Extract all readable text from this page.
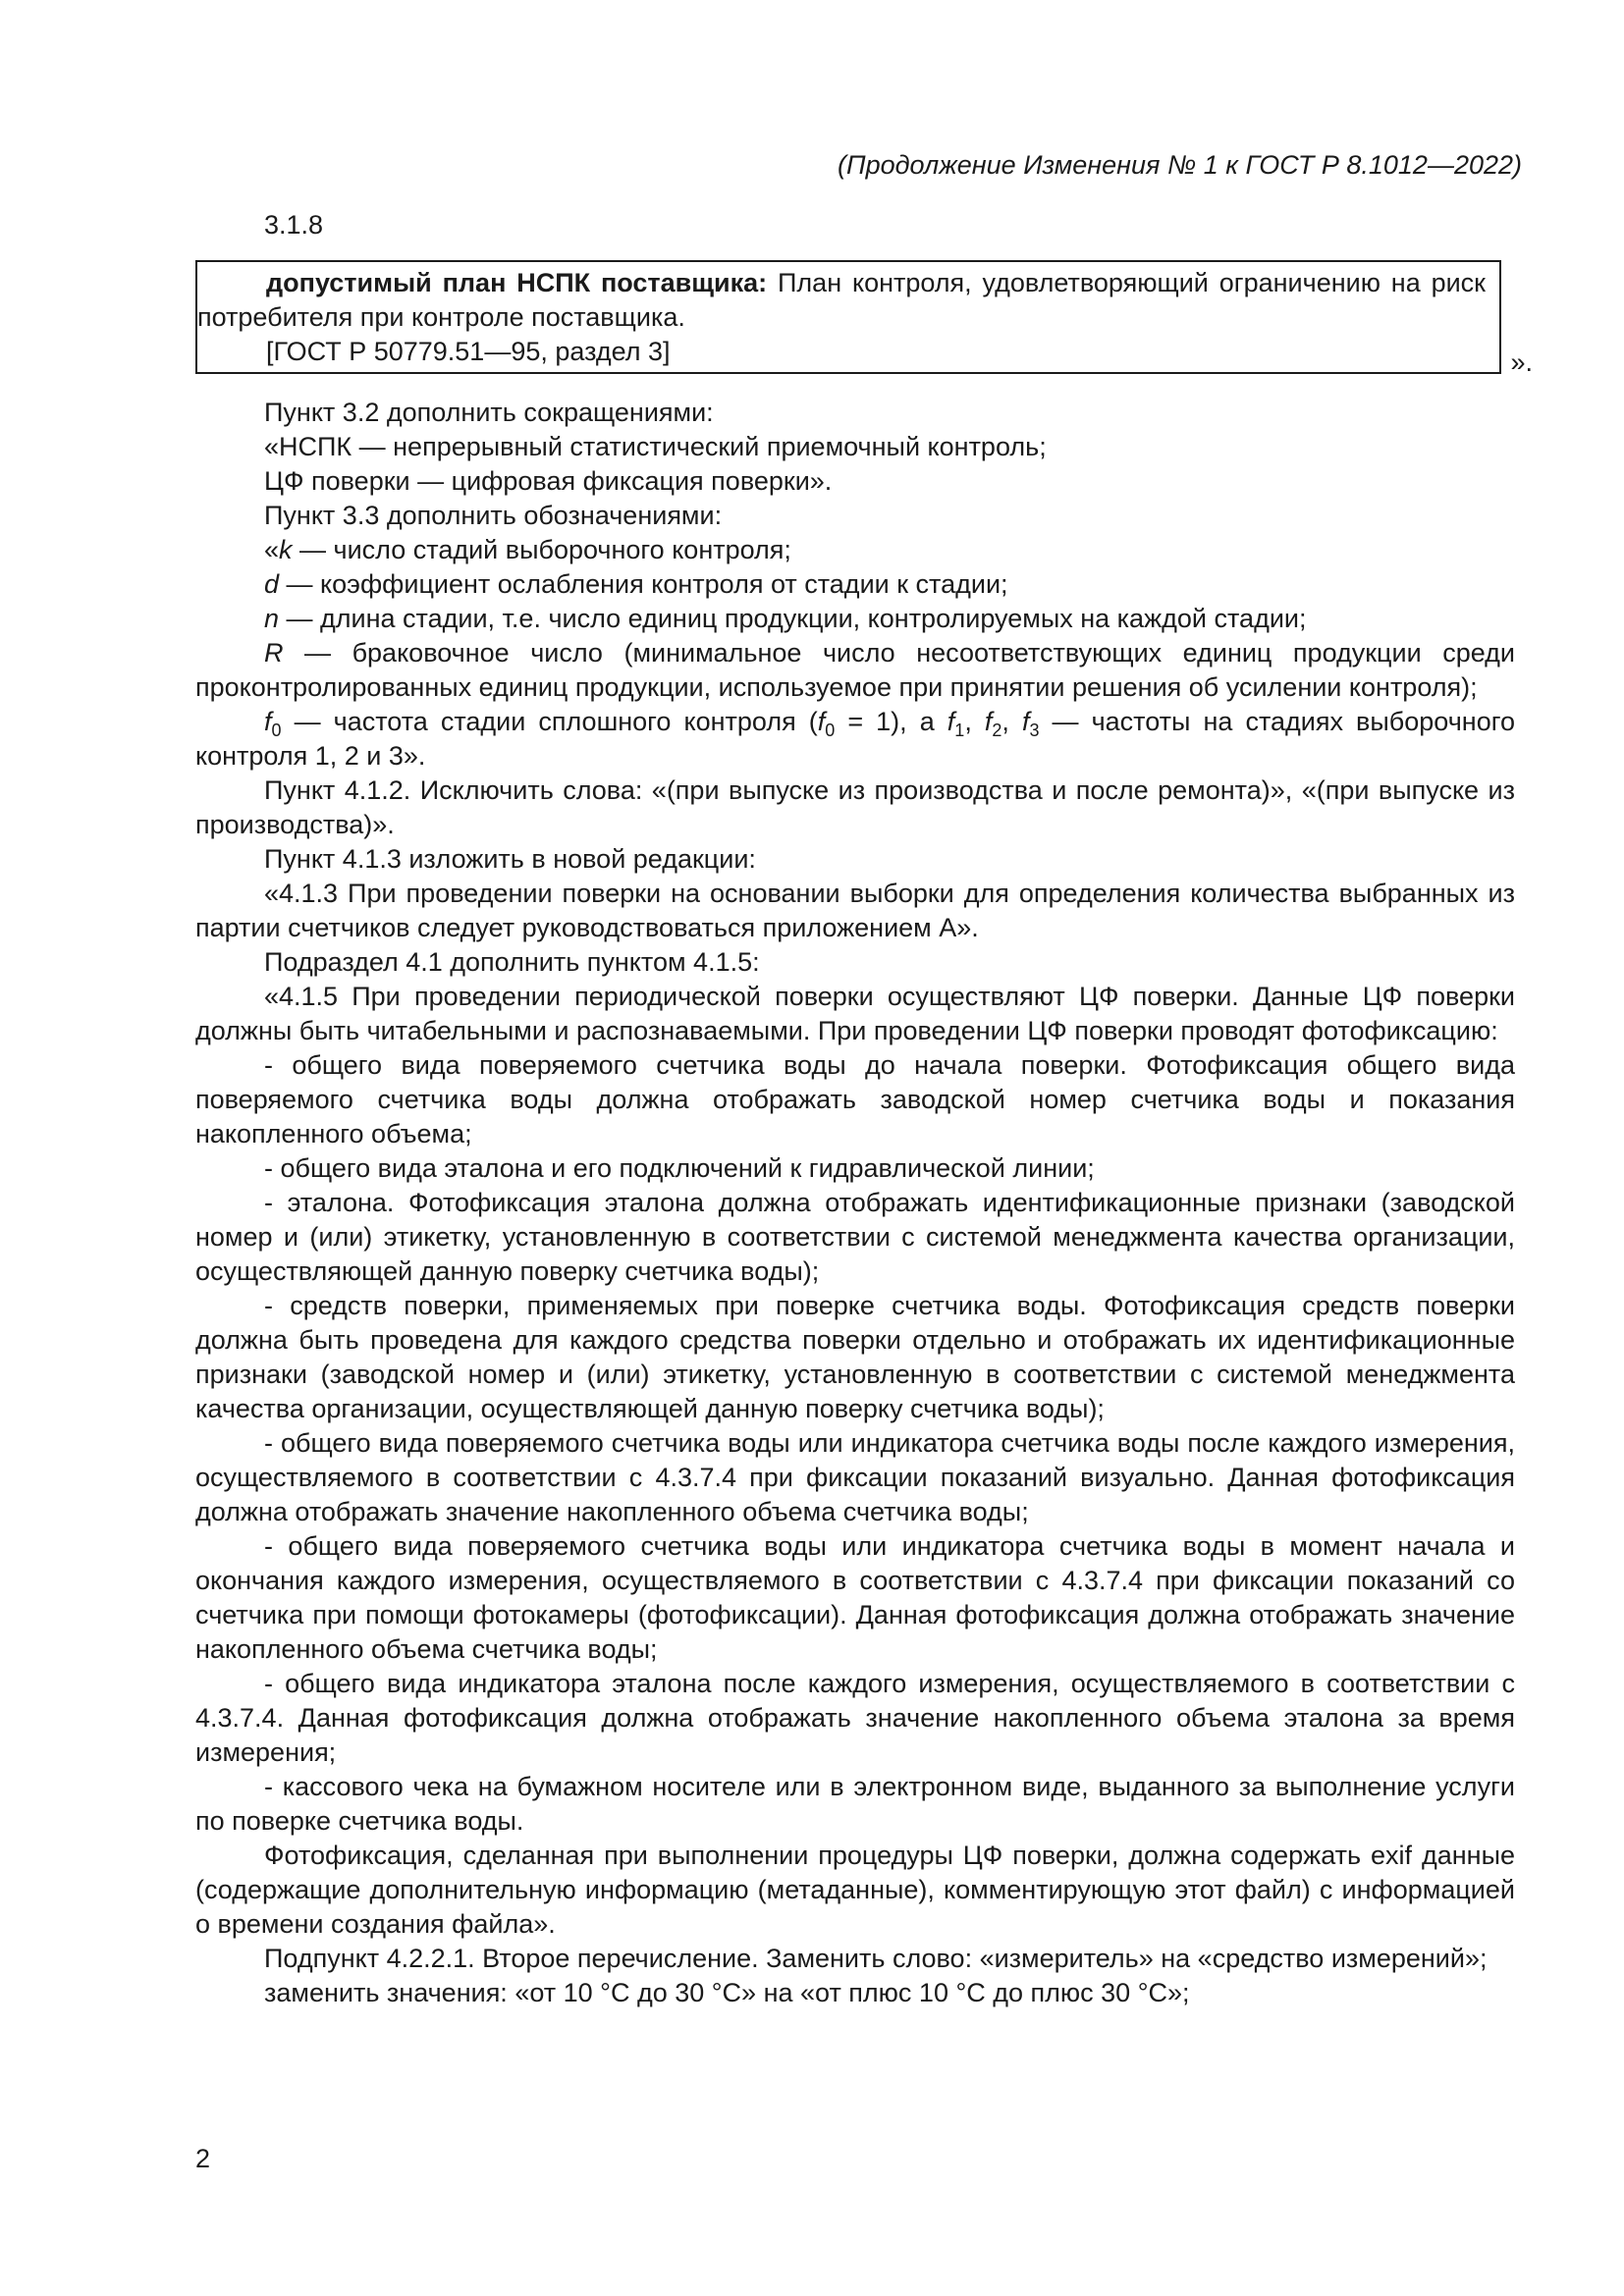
(Продолжение Изменения № 1 к ГОСТ Р 8.1012—2022)

3.1.8

допустимый план НСПК поставщика: План контроля, удовлетворяющий ограничению на риск потребителя при контроле поставщика.

[ГОСТ Р 50779.51—95, раздел 3]	».

Пункт 3.2 дополнить сокращениями:

«НСПК — непрерывный статистический приемочный контроль;

ЦФ поверки — цифровая фиксация поверки».

Пункт 3.3 дополнить обозначениями:

«k — число стадий выборочного контроля;

d — коэффициент ослабления контроля от стадии к стадии;

n — длина стадии, т.е. число единиц продукции, контролируемых на каждой стадии;

R — браковочное число (минимальное число несоответствующих единиц продукции среди проконтролированных единиц продукции, используемое при принятии решения об усилении контроля);

$f_0$ — частота стадии сплошного контроля $(f_0 = 1)$, а $f_1$, $f_2$, $f_3$ — частоты на стадиях выборочного контроля 1, 2 и 3».

Пункт 4.1.2. Исключить слова: «(при выпуске из производства и после ремонта)», «(при выпуске из производства)».

Пункт 4.1.3 изложить в новой редакции:

«4.1.3 При проведении поверки на основании выборки для определения количества выбранных из партии счетчиков следует руководствоваться приложением А».

Подраздел 4.1 дополнить пунктом 4.1.5:

«4.1.5 При проведении периодической поверки осуществляют ЦФ поверки. Данные ЦФ поверки должны быть читабельными и распознаваемыми. При проведении ЦФ поверки проводят фотофиксацию:

- общего вида поверяемого счетчика воды до начала поверки. Фотофиксация общего вида поверяемого счетчика воды должна отображать заводской номер счетчика воды и показания накопленного объема;

- общего вида эталона и его подключений к гидравлической линии;

- эталона. Фотофиксация эталона должна отображать идентификационные признаки (заводской номер и (или) этикетку, установленную в соответствии с системой менеджмента качества организации, осуществляющей данную поверку счетчика воды);

- средств поверки, применяемых при поверке счетчика воды. Фотофиксация средств поверки должна быть проведена для каждого средства поверки отдельно и отображать их идентификационные признаки (заводской номер и (или) этикетку, установленную в соответствии с системой менеджмента качества организации, осуществляющей данную поверку счетчика воды);

- общего вида поверяемого счетчика воды или индикатора счетчика воды после каждого измерения, осуществляемого в соответствии с 4.3.7.4 при фиксации показаний визуально. Данная фотофиксация должна отображать значение накопленного объема счетчика воды;

- общего вида поверяемого счетчика воды или индикатора счетчика воды в момент начала и окончания каждого измерения, осуществляемого в соответствии с 4.3.7.4 при фиксации показаний со счетчика при помощи фотокамеры (фотофиксации). Данная фотофиксация должна отображать значение накопленного объема счетчика воды;

- общего вида индикатора эталона после каждого измерения, осуществляемого в соответствии с 4.3.7.4. Данная фотофиксация должна отображать значение накопленного объема эталона за время измерения;

- кассового чека на бумажном носителе или в электронном виде, выданного за выполнение услуги по поверке счетчика воды.

Фотофиксация, сделанная при выполнении процедуры ЦФ поверки, должна содержать exif данные (содержащие дополнительную информацию (метаданные), комментирующую этот файл) с информацией о времени создания файла».

Подпункт 4.2.2.1. Второе перечисление. Заменить слово: «измеритель» на «средство измерений»;

заменить значения: «от 10 °С до 30 °С» на «от плюс 10 °С до плюс 30 °С»;

2
